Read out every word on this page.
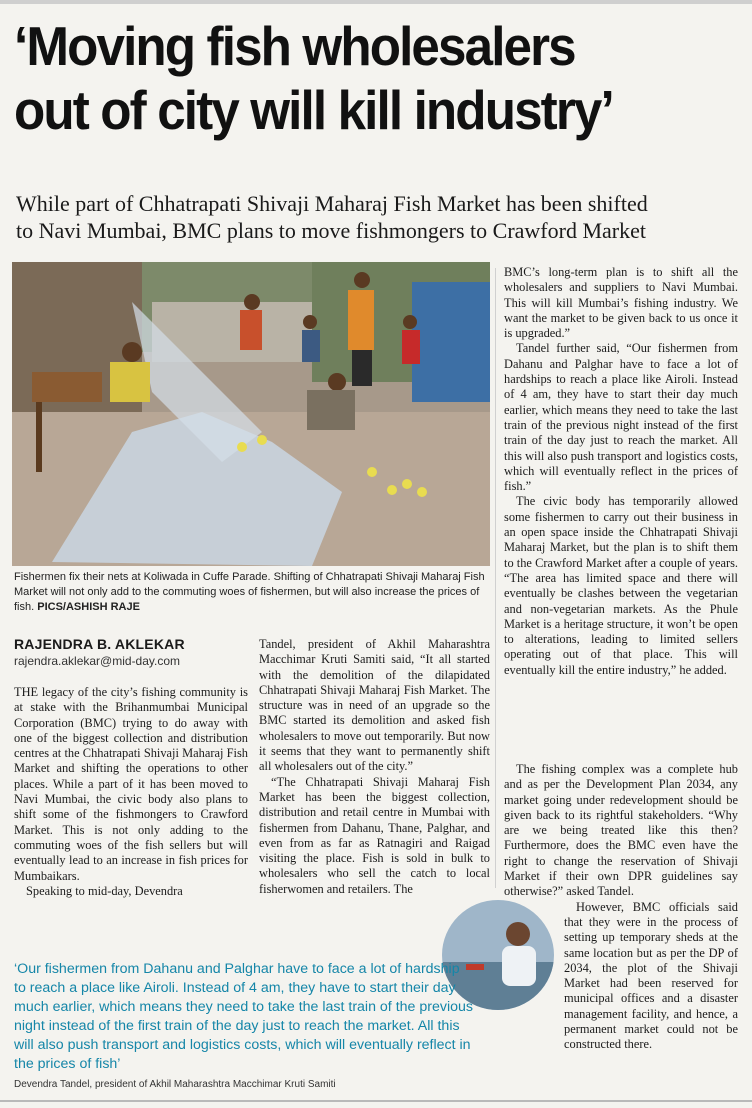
‘Moving fish wholesalers
out of city will kill industry’
While part of Chhatrapati Shivaji Maharaj Fish Market has been shifted
to Navi Mumbai, BMC plans to move fishmongers to Crawford Market

Fishermen fix their nets at Koliwada in Cuffe Parade. Shifting of Chhatrapati Shivaji Maharaj Fish Market will not only add to the commuting woes of fishermen, but will also increase the prices of fish. PICS/ASHISH RAJE

RAJENDRA B. AKLEKAR
rajendra.aklekar@mid-day.com

THE legacy of the city’s fishing community is at stake with the Brihanmumbai Municipal Corporation (BMC) trying to do away with one of the biggest collection and distribution centres at the Chhatrapati Shivaji Maharaj Fish Market and shifting the operations to other places. While a part of it has been moved to Navi Mumbai, the civic body also plans to shift some of the fishmongers to Crawford Market. This is not only adding to the commuting woes of the fish sellers but will eventually lead to an increase in fish prices for Mumbaikars.

Speaking to mid-day, Devendra

Tandel, president of Akhil Maharashtra Macchimar Kruti Samiti said, “It all started with the demolition of the dilapidated Chhatrapati Shivaji Maharaj Fish Market. The structure was in need of an upgrade so the BMC started its demolition and asked fish wholesalers to move out temporarily. But now it seems that they want to permanently shift all wholesalers out of the city.”

“The Chhatrapati Shivaji Maharaj Fish Market has been the biggest collection, distribution and retail centre in Mumbai with fishermen from Dahanu, Thane, Palghar, and even from as far as Ratnagiri and Raigad visiting the place. Fish is sold in bulk to wholesalers who sell the catch to local fisherwomen and retailers. The

BMC’s long-term plan is to shift all the wholesalers and suppliers to Navi Mumbai. This will kill Mumbai’s fishing industry. We want the market to be given back to us once it is upgraded.”

Tandel further said, “Our fishermen from Dahanu and Palghar have to face a lot of hardships to reach a place like Airoli. Instead of 4 am, they have to start their day much earlier, which means they need to take the last train of the previous night instead of the first train of the day just to reach the market. All this will also push transport and logistics costs, which will eventually reflect in the prices of fish.”

The civic body has temporarily allowed some fishermen to carry out their business in an open space inside the Chhatrapati Shivaji Maharaj Market, but the plan is to shift them to the Crawford Market after a couple of years. “The area has limited space and there will eventually be clashes between the vegetarian and non-vegetarian markets. As the Phule Market is a heritage structure, it won’t be open to alterations, leading to limited sellers operating out of that place. This will eventually kill the entire industry,” he added.

The fishing complex was a complete hub and as per the Development Plan 2034, any market going under redevelopment should be given back to its rightful stakeholders. “Why are we being treated like this then? Furthermore, does the BMC even have the right to change the reservation of Shivaji Market if their own DPR guidelines say otherwise?” asked Tandel.

However, BMC officials said that they were in the process of setting up temporary sheds at the same location but as per the DP of 2034, the plot of the Shivaji Market had been reserved for municipal offices and a disaster management facility, and hence, a permanent market could not be constructed there.

‘Our fishermen from Dahanu and Palghar have to face a lot of hardship to reach a place like Airoli. Instead of 4 am, they have to start their day much earlier, which means they need to take the last train of the previous night instead of the first train of the day just to reach the market. All this will also push transport and logistics costs, which will eventually reflect in the prices of fish’
Devendra Tandel, president of Akhil Maharashtra Macchimar Kruti Samiti
